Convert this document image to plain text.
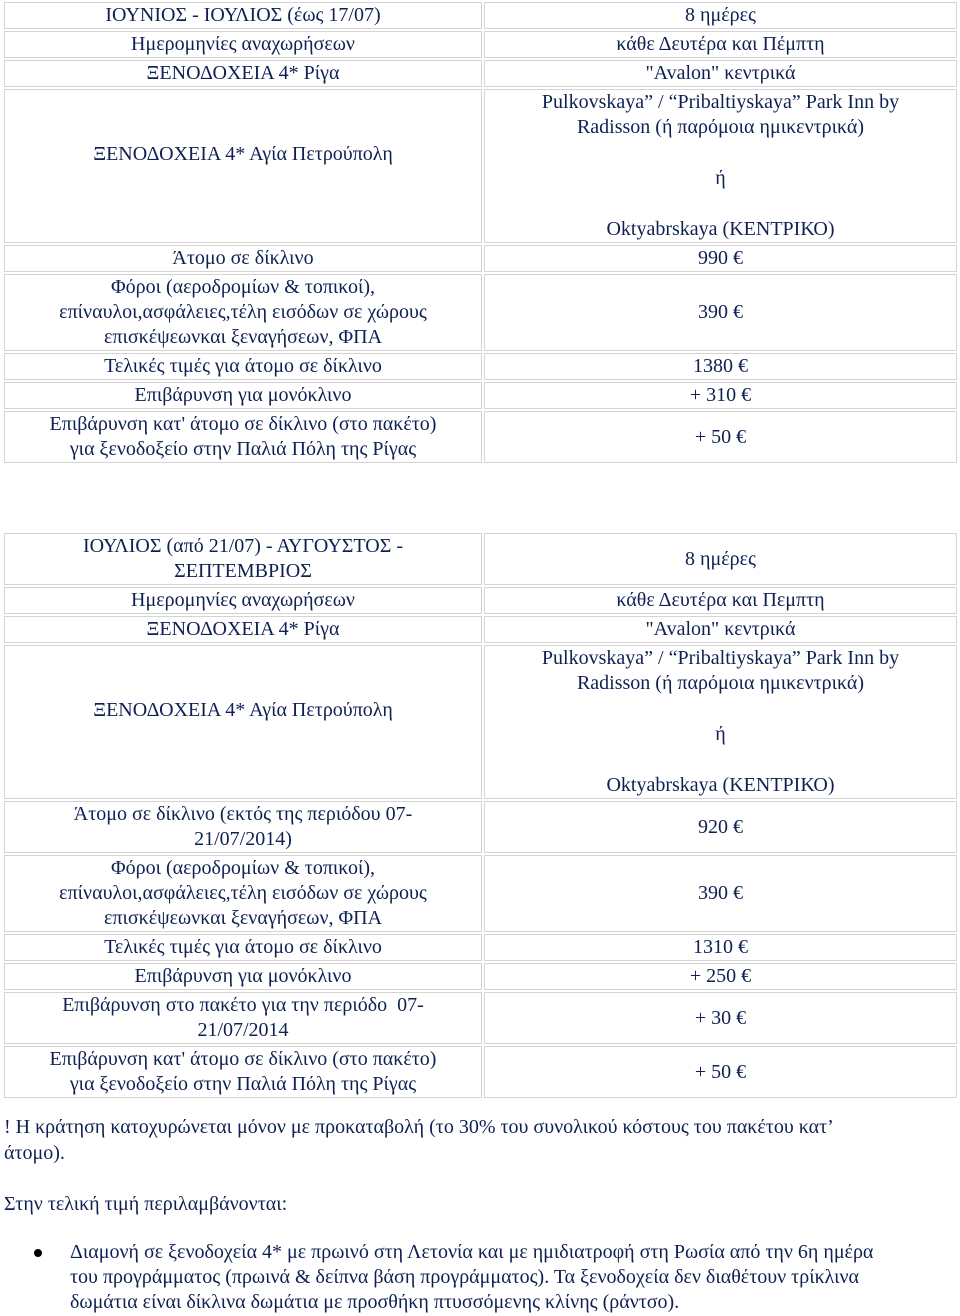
ΙΟΥΝΙΟΣ - ΙΟΥΛΙΟΣ (έως 17/07)	8 ημέρες
Ημερομηνίες αναχωρήσεων	κάθε Δευτέρα και Πέμπτη
ΞΕΝΟΔΟΧΕΙΑ 4* Ρίγα	"Avalon" κεντρικά
ΞΕΝΟΔΟΧΕΙΑ 4* Αγία Πετρούπολη	Pulkovskaya” / “Pribaltiyskaya” Park Inn by
Radisson (ή παρόμοια ημικεντρικά)
ή
Oktyabrskaya (ΚΕΝΤΡΙΚΟ)

Άτομο σε δίκλινο	990 €

Φόροι (αεροδρομίων & τοπικοί),
επίναυλοι,ασφάλειες,τέλη εισόδων σε χώρους
επισκέψεωνκαι ξεναγήσεων, ΦΠΑ	390 €
Τελικές τιμές για άτομο σε δίκλινο	1380 €
Επιβάρυνση για μονόκλινο	+ 310 €

Επιβάρυνση κατ' άτομο σε δίκλινο (στο πακέτο)
για ξενοδοξείο στην Παλιά Πόλη της Ρίγας	+ 50 €
ΙΟΥΛΙΟΣ (από 21/07) - ΑΥΓΟΥΣΤΟΣ -
ΣΕΠΤΕΜΒΡΙΟΣ	8 ημέρες
Ημερομηνίες αναχωρήσεων	κάθε Δευτέρα και Πεμπτη
ΞΕΝΟΔΟΧΕΙΑ 4* Ρίγα	"Avalon" κεντρικά
ΞΕΝΟΔΟΧΕΙΑ 4* Αγία Πετρούπολη	Pulkovskaya” / “Pribaltiyskaya” Park Inn by
Radisson (ή παρόμοια ημικεντρικά)
ή
Oktyabrskaya (ΚΕΝΤΡΙΚΟ)

Άτομο σε δίκλινο (εκτός της περιόδου 07-
21/07/2014)	920 €

Φόροι (αεροδρομίων & τοπικοί),
επίναυλοι,ασφάλειες,τέλη εισόδων σε χώρους
επισκέψεωνκαι ξεναγήσεων, ΦΠΑ	390 €
Τελικές τιμές για άτομο σε δίκλινο	1310 €
Επιβάρυνση για μονόκλινο	+ 250 €

Επιβάρυνση στο πακέτο για την περιόδο  07-
21/07/2014	+ 30 €

Επιβάρυνση κατ' άτομο σε δίκλινο (στο πακέτο)
για ξενοδοξείο στην Παλιά Πόλη της Ρίγας	+ 50 €
! Η κράτηση κατοχυρώνεται μόνον με προκαταβολή (το 30% του συνολικού κόστους του πακέτου κατ’
άτομο).
Στην τελική τιμή περιλαμβάνονται:
Διαμονή σε ξενοδοχεία 4* με πρωινό στη Λετονία και με ημιδιατροφή στη Ρωσία από την 6η ημέρα
του προγράμματος (πρωινά & δείπνα βάση προγράμματος). Τα ξενοδοχεία δεν διαθέτουν τρίκλινα
δωμάτια είναι δίκλινα δωμάτια με προσθήκη πτυσσόμενης κλίνης (ράντσο).
